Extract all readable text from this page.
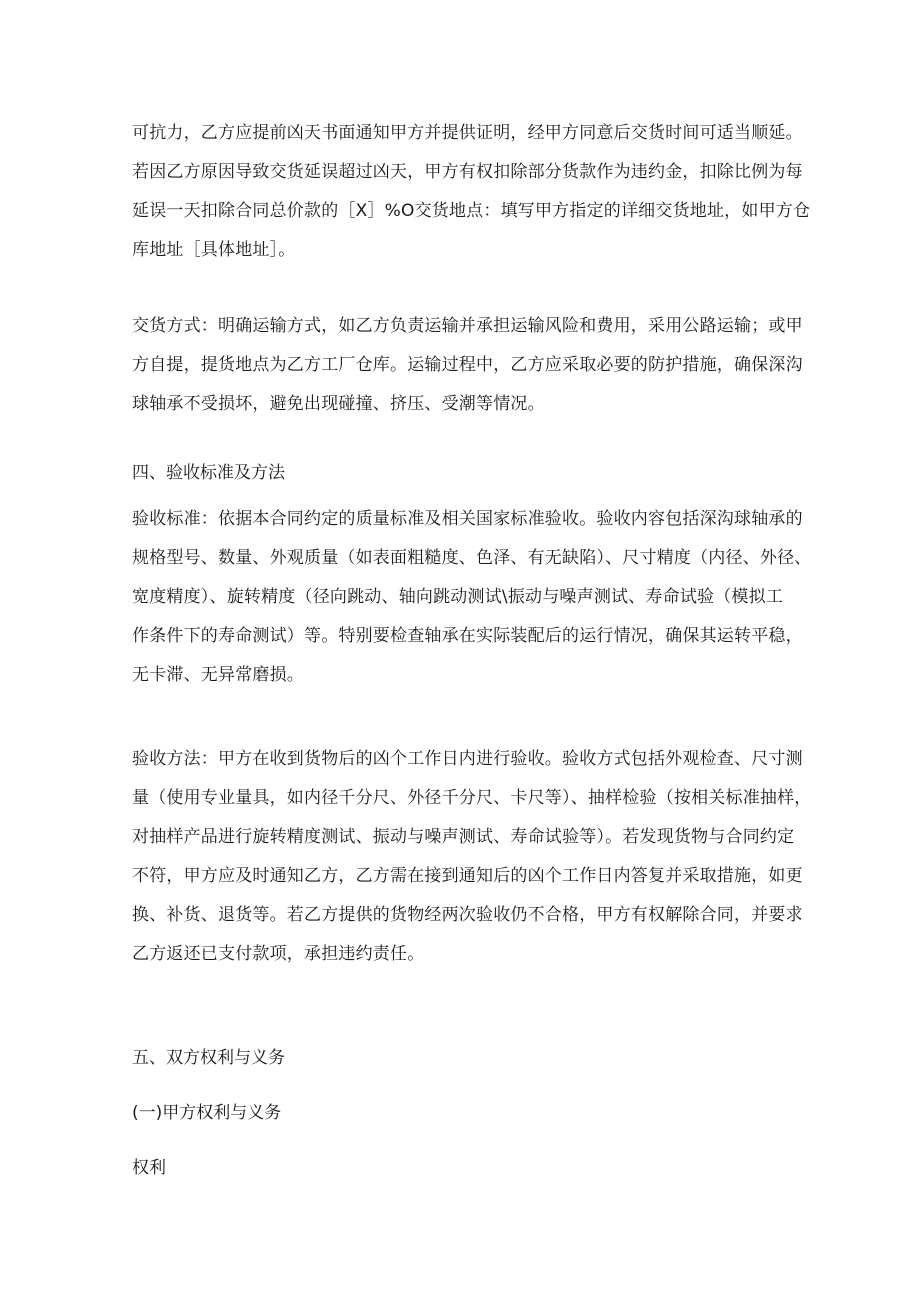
可抗力，乙方应提前凶天书面通知甲方并提供证明，经甲方同意后交货时间可适当顺延。
若因乙方原因导致交货延误超过凶天，甲方有权扣除部分货款作为违约金，扣除比例为每
延误一天扣除合同总价款的［X］%O交货地点：填写甲方指定的详细交货地址，如甲方仓
库地址［具体地址］。
交货方式：明确运输方式，如乙方负责运输并承担运输风险和费用，采用公路运输；或甲
方自提，提货地点为乙方工厂仓库。运输过程中，乙方应采取必要的防护措施，确保深沟
球轴承不受损坏，避免出现碰撞、挤压、受潮等情况。
四、验收标准及方法
验收标准：依据本合同约定的质量标准及相关国家标准验收。验收内容包括深沟球轴承的
规格型号、数量、外观质量（如表面粗糙度、色泽、有无缺陷）、尺寸精度（内径、外径、
宽度精度）、旋转精度（径向跳动、轴向跳动测试\振动与噪声测试、寿命试验（模拟工
作条件下的寿命测试）等。特别要检查轴承在实际装配后的运行情况，确保其运转平稳，
无卡滞、无异常磨损。
验收方法：甲方在收到货物后的凶个工作日内进行验收。验收方式包括外观检查、尺寸测
量（使用专业量具，如内径千分尺、外径千分尺、卡尺等）、抽样检验（按相关标准抽样，
对抽样产品进行旋转精度测试、振动与噪声测试、寿命试验等）。若发现货物与合同约定
不符，甲方应及时通知乙方，乙方需在接到通知后的凶个工作日内答复并采取措施，如更
换、补货、退货等。若乙方提供的货物经两次验收仍不合格，甲方有权解除合同，并要求
乙方返还已支付款项，承担违约责任。
五、双方权利与义务
(一)甲方权利与义务
权利
